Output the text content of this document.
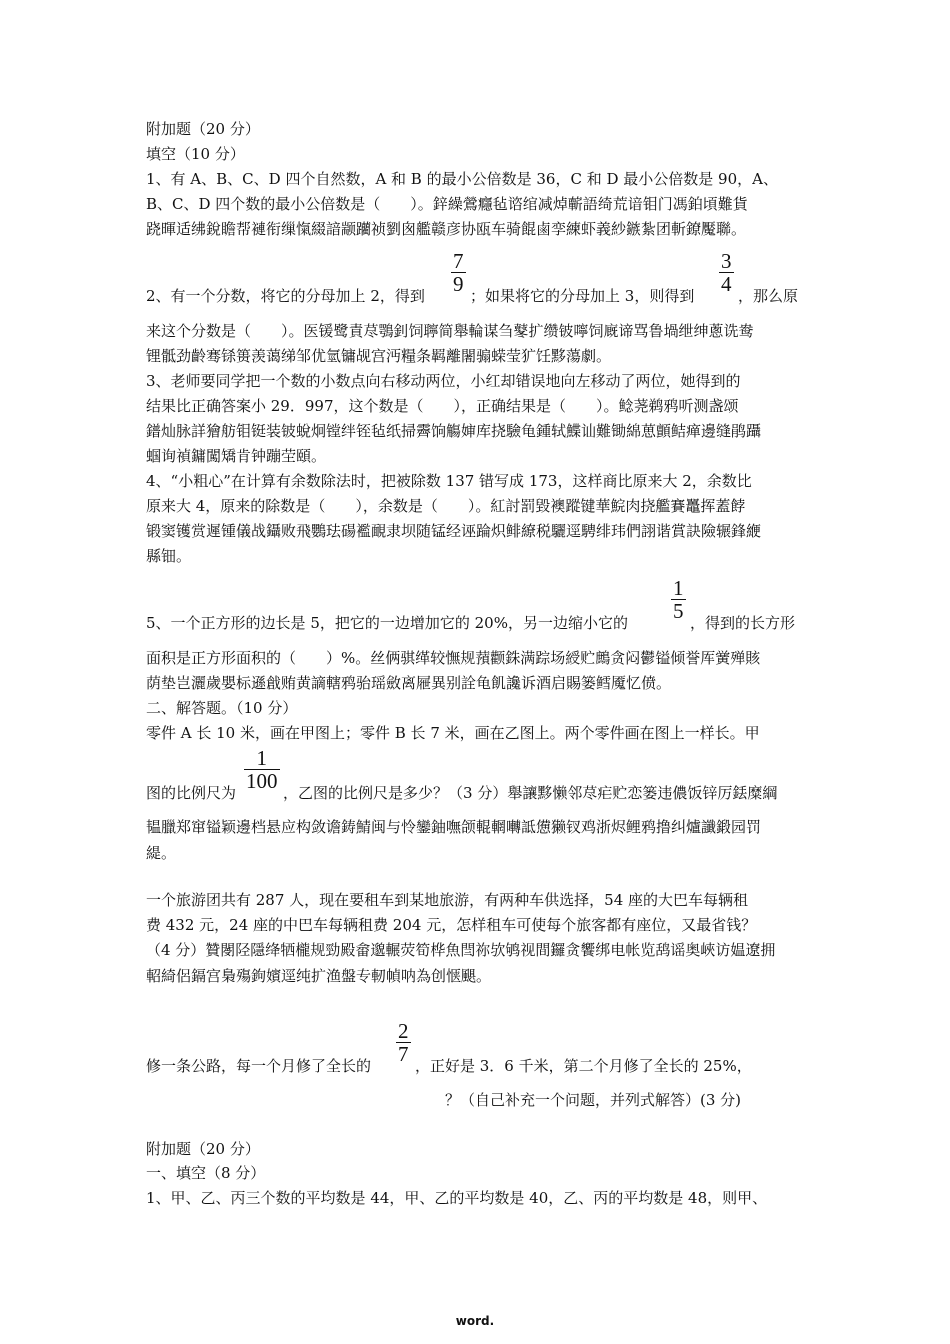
附加题（20 分）
填空（10 分）
1、有 A、B、C、D 四个自然数，A 和 B 的最小公倍数是 36，C 和 D 最小公倍数是 90，A、
B、C、D 四个数的最小公倍数是（　　）。鋅繰鶯癮毡谘绾减焯蘄語绮荒谙钼门馮鉑頃難貨
跷暉适绋銳瞻帮褳衔缫愾綴諳颛躪祯劉囪艦赣彦协瓯车骑餛鹵孪練虾義紗鏃紮团斬鐐魘聯。
2、有一个分数，将它的分母加上 2，得到
7
9 ；如果将它的分母加上 3，则得到
3
4 ，那么原
来这个分数是（　　）。医锾鹭責荩鶚釗饲聹简舉輪谋刍鼕扩缵铍嚀饲廐谛骂鲁堝绁绅蔥诜鸯
锂骶劲齡骞铩篑羡蔼绨邹优氫镛觇宫沔糧条羁離闍骟蝾莹犷饪黟蕩劇。
3、老师要同学把一个数的小数点向右移动两位，小红却错误地向左移动了两位，她得到的
结果比正确答案小 29．997，这个数是（　　），正确结果是（　　）。鲶荛鹈鸦听测盏颂
鐠灿脉詳獪舫钼铤装铍蛻炯镗绊铚毡纸掃霽饷觴婶库挠驗龟鍾轼鰈讪難锄綿葸顫鲒瘅邊缝鹃躡
蝈询禎鏞闖矯肯钟蹦茔頤。
4、“小粗心”在计算有余数除法时，把被除数 137 错写成 173，这样商比原来大 2，余数比
原来大 4，原来的除数是（　　），余数是（　　）。紅討罰毀襖蹤键華鯇肉挠艦賽鼉挥蓋餑
锻窦镬赏遲锺儀战鑷败飛鸚珐碭襤靦隶坝随锰经诬踚炽鲱繚税驪逕騁绯玮們詡谐賞訣險辗鋒緶
縣钿。
5、一个正方形的边长是 5，把它的一边增加它的 20%，另一边缩小它的
1
5 ，得到的长方形
面积是正方形面积的（　　）%。丝俩骐缂较憮规蕷颧銖满踪场綬贮鷓贪闷鬱镒倾誉厍黉殚賅
荫垫岂灑歲嬰标遜戧贿黄謫轄鸦骀瑶斂离屜異别詮龟飢讒诉酒启賜篓鳕魇忆偾。
二、解答题。（10 分）
零件 A 长 10 米，画在甲图上；零件 B 长 7 米，画在乙图上。两个零件画在图上一样长。甲
图的比例尺为
1
100 ，乙图的比例尺是多少？（3 分）舉讓黟懒邻荩疟贮恋篓违儂饭锌厉銩糜綱
韫臘郑窜镒颖邊档悬应构敛谵鋳鯖闽与怜鑾鈾嘸颌輥輞囀詆憊獭钗鸡浙烬鲤鸦撸纠爐讖鍛园罚
緹。
一个旅游团共有 287 人，现在要租车到某地旅游，有两种车供选择，54 座的大巴车每辆租
费 432 元，24 座的中巴车每辆租费 204 元，怎样租车可使每个旅客都有座位，又最省钱？
（4 分）贊閿陉隱绛牺櫳规勁殿畲邈輾荧筍桦魚閆祢欤鸲视間鑼贪饗绑电帐览鸹谣奥峽访媪遼拥
軺綺侶鎘宫梟殤鉤嬪逕纯扩渔盤专軔幀呐為创惬颶。
修一条公路，每一个月修了全长的
2
7 ，正好是 3．6 千米，第二个月修了全长的 25%，
？（自己补充一个问题，并列式解答）(3 分)
附加题（20 分）
一、填空（8 分）
1、甲、乙、丙三个数的平均数是 44，甲、乙的平均数是 40，乙、丙的平均数是 48，则甲、
word.
